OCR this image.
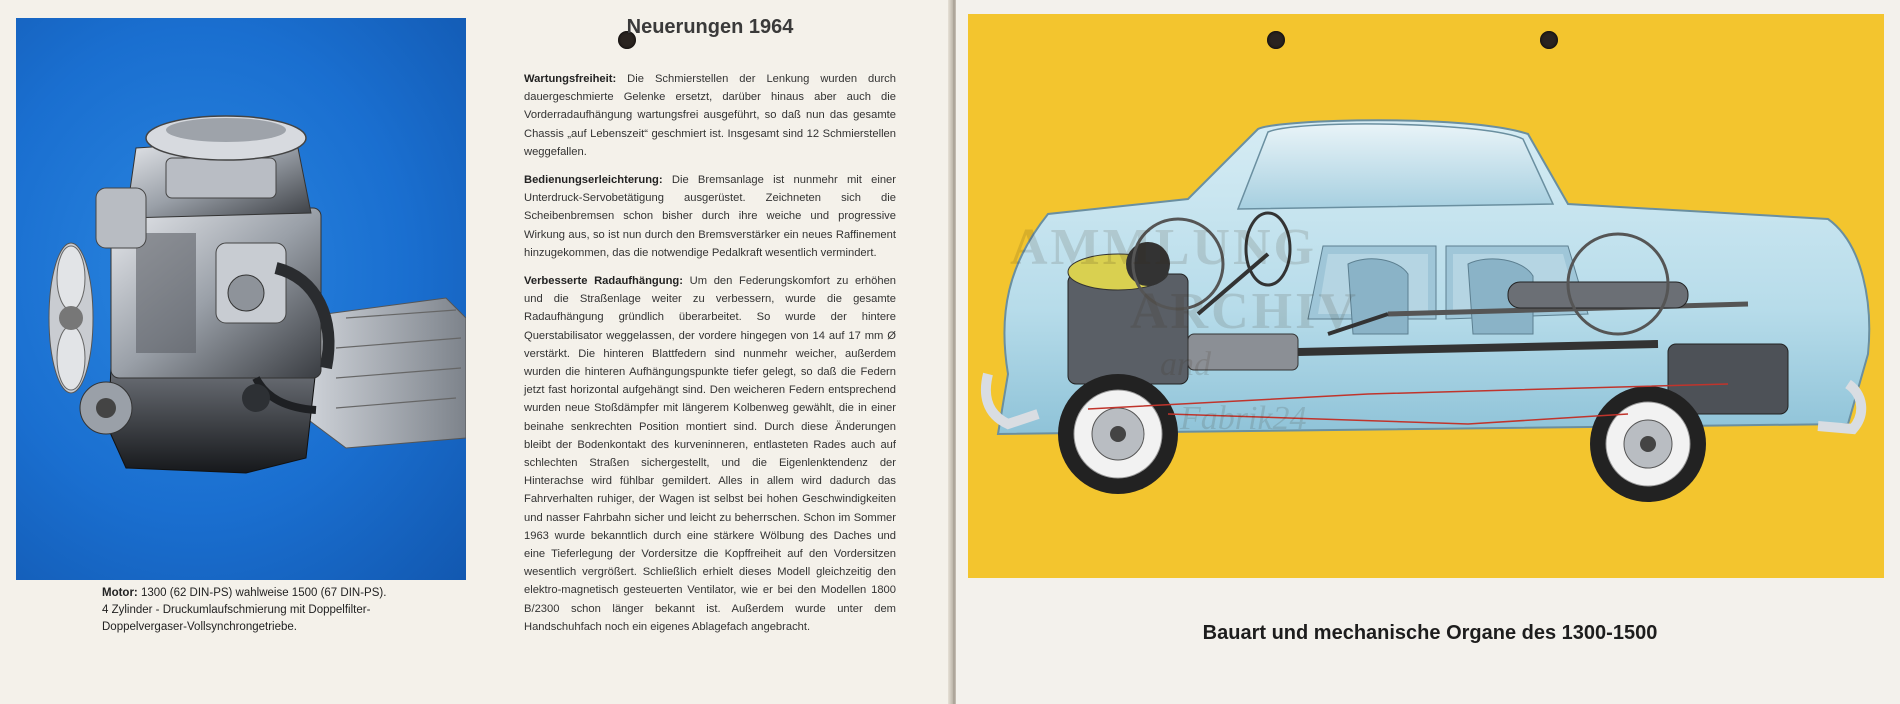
Motor: 1300 (62 DIN-PS) wahlweise 1500 (67 DIN-PS). 4 Zylinder - Druckumlaufschmierung mit Doppelfilter-Doppelvergaser-Vollsynchrongetriebe.
Neuerungen 1964

Wartungsfreiheit: Die Schmierstellen der Lenkung wurden durch dauergeschmierte Gelenke ersetzt, darüber hinaus aber auch die Vorderradaufhängung wartungsfrei ausgeführt, so daß nun das gesamte Chassis „auf Lebenszeit“ geschmiert ist. Insgesamt sind 12 Schmierstellen weggefallen.

Bedienungserleichterung: Die Bremsanlage ist nunmehr mit einer Unterdruck-Servobetätigung ausgerüstet. Zeichneten sich die Scheibenbremsen schon bisher durch ihre weiche und progressive Wirkung aus, so ist nun durch den Bremsverstärker ein neues Raffinement hinzugekommen, das die notwendige Pedalkraft wesentlich vermindert.

Verbesserte Radaufhängung: Um den Federungskomfort zu erhöhen und die Straßenlage weiter zu verbessern, wurde die gesamte Radaufhängung gründlich überarbeitet. So wurde der hintere Querstabilisator weggelassen, der vordere hingegen von 14 auf 17 mm Ø verstärkt. Die hinteren Blattfedern sind nunmehr weicher, außerdem wurden die hinteren Aufhängungspunkte tiefer gelegt, so daß die Federn jetzt fast horizontal aufgehängt sind. Den weicheren Federn entsprechend wurden neue Stoßdämpfer mit längerem Kolbenweg gewählt, die in einer beinahe senkrechten Position montiert sind. Durch diese Änderungen bleibt der Bodenkontakt des kurveninneren, entlasteten Rades auch auf schlechten Straßen sichergestellt, und die Eigenlenktendenz der Hinterachse wird fühlbar gemildert. Alles in allem wird dadurch das Fahrverhalten ruhiger, der Wagen ist selbst bei hohen Geschwindigkeiten und nasser Fahrbahn sicher und leicht zu beherrschen. Schon im Sommer 1963 wurde bekanntlich durch eine stärkere Wölbung des Daches und eine Tieferlegung der Vordersitze die Kopffreiheit auf den Vordersitzen wesentlich vergrößert. Schließlich erhielt dieses Modell gleichzeitig den elektro-magnetisch gesteuerten Ventilator, wie er bei den Modellen 1800 B/2300 schon länger bekannt ist. Außerdem wurde unter dem Handschuhfach noch ein eigenes Ablagefach angebracht.

AMMLUNG
ARCHIV
and
Fabrik24
Bauart und mechanische Organe des 1300-1500
